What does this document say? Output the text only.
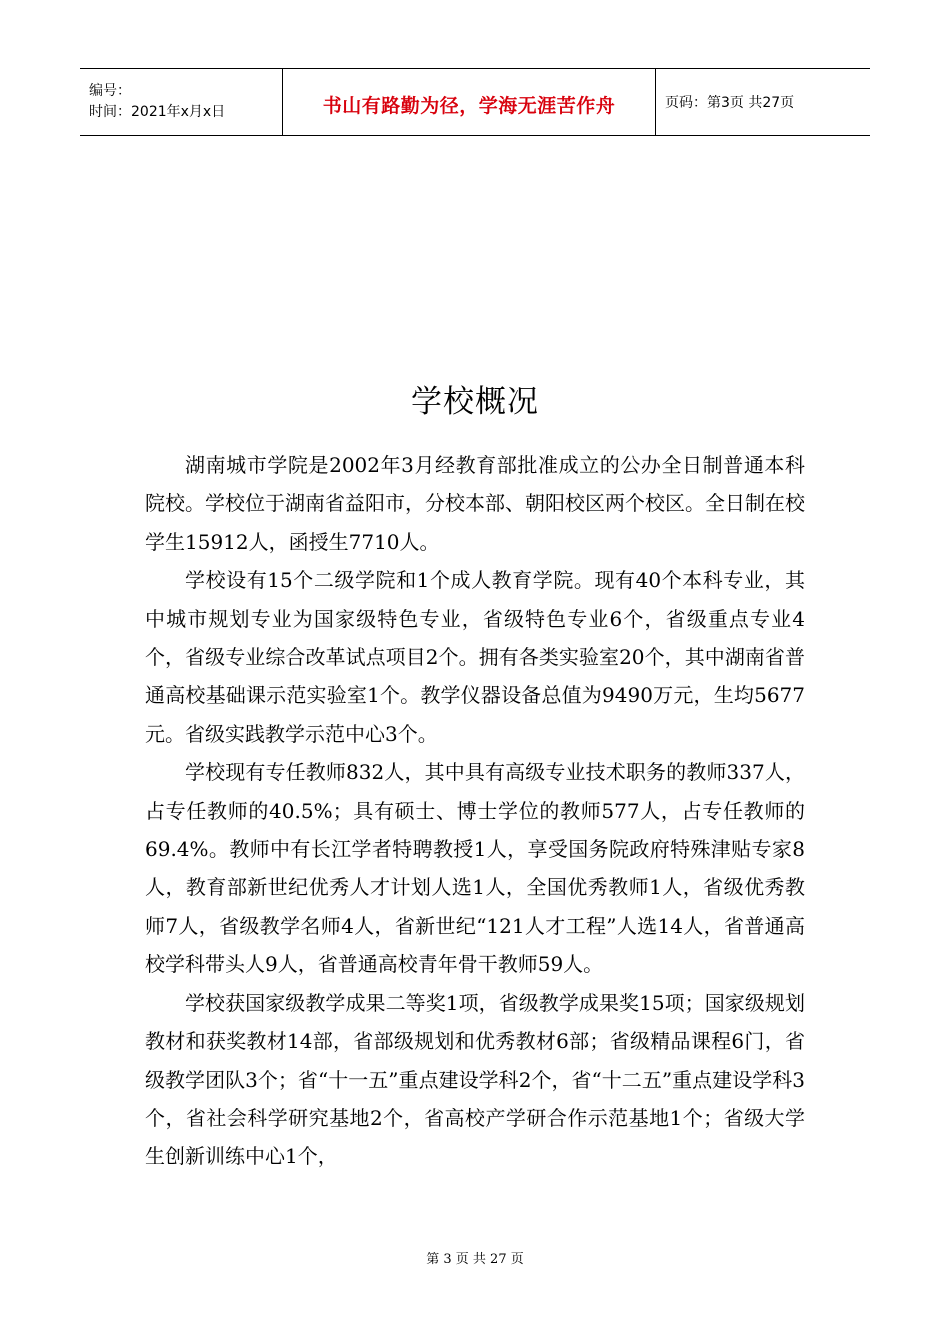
编号：
时间：2021年x月x日	书山有路勤为径，学海无涯苦作舟	页码：第3页 共27页
学校概况

湖南城市学院是2002年3月经教育部批准成立的公办全日制普通本科院校。学校位于湖南省益阳市，分校本部、朝阳校区两个校区。全日制在校学生15912人，函授生7710人。

学校设有15个二级学院和1个成人教育学院。现有40个本科专业，其中城市规划专业为国家级特色专业，省级特色专业6个，省级重点专业4个，省级专业综合改革试点项目2个。拥有各类实验室20个，其中湖南省普通高校基础课示范实验室1个。教学仪器设备总值为9490万元，生均5677元。省级实践教学示范中心3个。

学校现有专任教师832人，其中具有高级专业技术职务的教师337人，占专任教师的40.5%；具有硕士、博士学位的教师577人，占专任教师的69.4%。教师中有长江学者特聘教授1人，享受国务院政府特殊津贴专家8人，教育部新世纪优秀人才计划人选1人，全国优秀教师1人，省级优秀教师7人，省级教学名师4人，省新世纪“121人才工程”人选14人，省普通高校学科带头人9人，省普通高校青年骨干教师59人。

学校获国家级教学成果二等奖1项，省级教学成果奖15项；国家级规划教材和获奖教材14部，省部级规划和优秀教材6部；省级精品课程6门，省级教学团队3个；省“十一五”重点建设学科2个，省“十二五”重点建设学科3个，省社会科学研究基地2个，省高校产学研合作示范基地1个；省级大学生创新训练中心1个，

第 3 页 共 27 页
